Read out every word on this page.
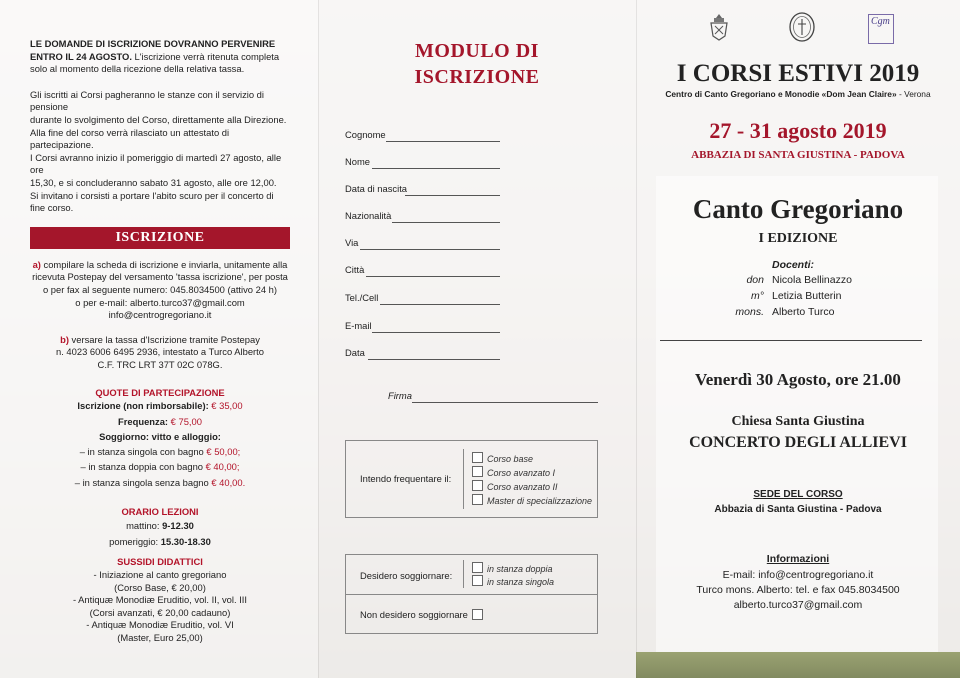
LE DOMANDE DI ISCRIZIONE DOVRANNO PERVENIRE ENTRO IL 24 AGOSTO. L'iscrizione verrà ritenuta completa solo al momento della ricezione della relativa tassa.
Gli iscritti ai Corsi pagheranno le stanze con il servizio di pensione
durante lo svolgimento del Corso, direttamente alla Direzione.
Alla fine del corso verrà rilasciato un attestato di partecipazione.
I Corsi avranno inizio il pomeriggio di martedì 27 agosto, alle ore
15,30, e si concluderanno sabato 31 agosto, alle ore 12,00.
Si invitano i corsisti a portare l'abito scuro per il concerto di fine corso.
ISCRIZIONE
a) compilare la scheda di iscrizione e inviarla, unitamente alla
ricevuta Postepay del versamento 'tassa iscrizione', per posta
o per fax al seguente numero: 045.8034500 (attivo 24 h)
o per e-mail: alberto.turco37@gmail.com
info@centrogregoriano.it
b) versare la tassa d'Iscrizione tramite Postepay
n. 4023 6006 6495 2936, intestato a Turco Alberto
C.F. TRC LRT 37T 02C 078G.
QUOTE DI PARTECIPAZIONE
Iscrizione (non rimborsabile): € 35,00
Frequenza: € 75,00
Soggiorno: vitto e alloggio:
– in stanza singola con bagno € 50,00;
– in stanza doppia con bagno € 40,00;
– in stanza singola senza bagno € 40,00.
ORARIO LEZIONI
mattino: 9-12.30
pomeriggio: 15.30-18.30
SUSSIDI DIDATTICI
- Iniziazione al canto gregoriano
(Corso Base, € 20,00)
- Antiquæ Monodiæ Eruditio, vol. II, vol. III
(Corsi avanzati, € 20,00 cadauno)
- Antiquæ Monodiæ Eruditio, vol. VI
(Master, Euro 25,00)
MODULO DI
ISCRIZIONE
Cognome
Nome
Data di nascita
Nazionalità
Via
Città
Tel./Cell
E-mail
Data
Firma
Intendo frequentare il:
Corso base
Corso avanzato I
Corso avanzato II
Master di specializzazione
Desidero soggiornare:
in stanza doppia
in stanza singola
Non desidero soggiornare
Cgm
I CORSI ESTIVI 2019
Centro di Canto Gregoriano e Monodie «Dom Jean Claire» - Verona
27 - 31 agosto 2019
ABBAZIA DI SANTA GIUSTINA - PADOVA
Canto Gregoriano
I EDIZIONE
Docenti:
don Nicola Bellinazzo
m° Letizia Butterin
mons. Alberto Turco
Venerdì 30 Agosto, ore 21.00
Chiesa Santa Giustina
CONCERTO DEGLI ALLIEVI
SEDE DEL CORSO
Abbazia di Santa Giustina - Padova
Informazioni
E-mail: info@centrogregoriano.it
Turco mons. Alberto: tel. e fax 045.8034500
alberto.turco37@gmail.com
